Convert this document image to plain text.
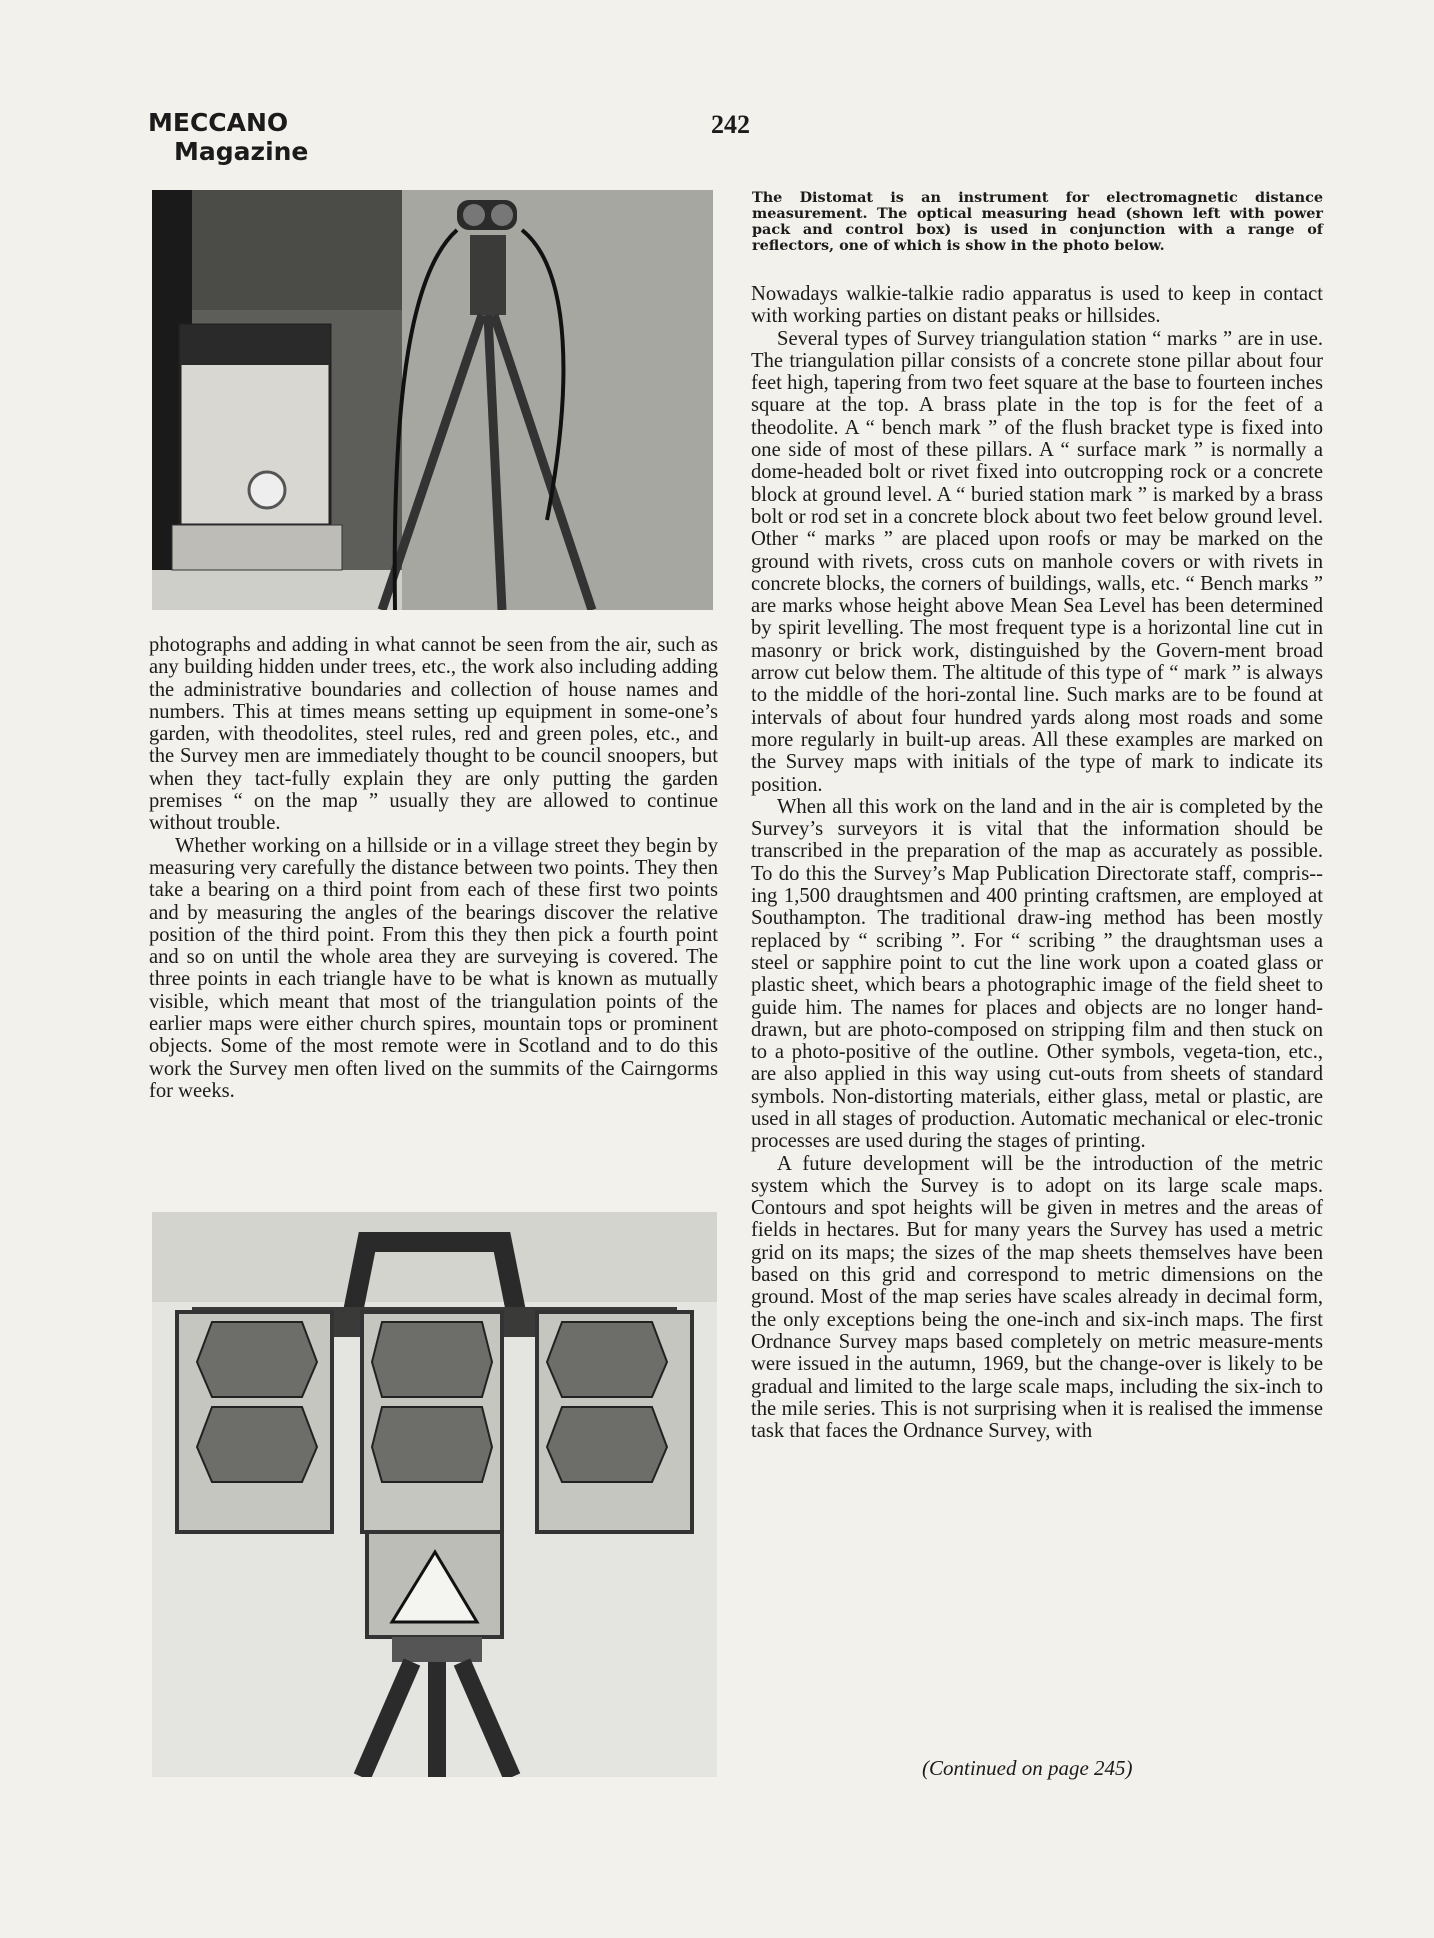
MECCANO
Magazine
242
The Distomat is an instrument for electromagnetic distance measurement. The optical measuring head (shown left with power pack and control box) is used in conjunction with a range of reflectors, one of which is show in the photo below.

photographs and adding in what cannot be seen from the air, such as any building hidden under trees, etc., the work also including adding the administrative boundaries and collection of house names and numbers. This at times means setting up equipment in some-one’s garden, with theodolites, steel rules, red and green poles, etc., and the Survey men are immediately thought to be council snoopers, but when they tact-fully explain they are only putting the garden premises “ on the map ” usually they are allowed to continue without trouble.

Whether working on a hillside or in a village street they begin by measuring very carefully the distance between two points. They then take a bearing on a third point from each of these first two points and by measuring the angles of the bearings discover the relative position of the third point. From this they then pick a fourth point and so on until the whole area they are surveying is covered. The three points in each triangle have to be what is known as mutually visible, which meant that most of the triangulation points of the earlier maps were either church spires, mountain tops or prominent objects. Some of the most remote were in Scotland and to do this work the Survey men often lived on the summits of the Cairngorms for weeks.

Nowadays walkie-talkie radio apparatus is used to keep in contact with working parties on distant peaks or hillsides.

Several types of Survey triangulation station “ marks ” are in use. The triangulation pillar consists of a concrete stone pillar about four feet high, tapering from two feet square at the base to fourteen inches square at the top. A brass plate in the top is for the feet of a theodolite. A “ bench mark ” of the flush bracket type is fixed into one side of most of these pillars. A “ surface mark ” is normally a dome-headed bolt or rivet fixed into outcropping rock or a concrete block at ground level. A “ buried station mark ” is marked by a brass bolt or rod set in a concrete block about two feet below ground level. Other “ marks ” are placed upon roofs or may be marked on the ground with rivets, cross cuts on manhole covers or with rivets in concrete blocks, the corners of buildings, walls, etc. “ Bench marks ” are marks whose height above Mean Sea Level has been determined by spirit levelling. The most frequent type is a horizontal line cut in masonry or brick work, distinguished by the Govern-ment broad arrow cut below them. The altitude of this type of “ mark ” is always to the middle of the hori-zontal line. Such marks are to be found at intervals of about four hundred yards along most roads and some more regularly in built-up areas. All these examples are marked on the Survey maps with initials of the type of mark to indicate its position.

When all this work on the land and in the air is completed by the Survey’s surveyors it is vital that the information should be transcribed in the preparation of the map as accurately as possible. To do this the Survey’s Map Publication Directorate staff, compris-- ing 1,500 draughtsmen and 400 printing craftsmen, are employed at Southampton. The traditional draw-ing method has been mostly replaced by “ scribing ”. For “ scribing ” the draughtsman uses a steel or sapphire point to cut the line work upon a coated glass or plastic sheet, which bears a photographic image of the field sheet to guide him. The names for places and objects are no longer hand-drawn, but are photo-composed on stripping film and then stuck on to a photo-positive of the outline. Other symbols, vegeta-tion, etc., are also applied in this way using cut-outs from sheets of standard symbols. Non-distorting materials, either glass, metal or plastic, are used in all stages of production. Automatic mechanical or elec-tronic processes are used during the stages of printing.

A future development will be the introduction of the metric system which the Survey is to adopt on its large scale maps. Contours and spot heights will be given in metres and the areas of fields in hectares. But for many years the Survey has used a metric grid on its maps; the sizes of the map sheets themselves have been based on this grid and correspond to metric dimensions on the ground. Most of the map series have scales already in decimal form, the only exceptions being the one-inch and six-inch maps. The first Ordnance Survey maps based completely on metric measure-ments were issued in the autumn, 1969, but the change-over is likely to be gradual and limited to the large scale maps, including the six-inch to the mile series. This is not surprising when it is realised the immense task that faces the Ordnance Survey, with

(Continued on page 245)
